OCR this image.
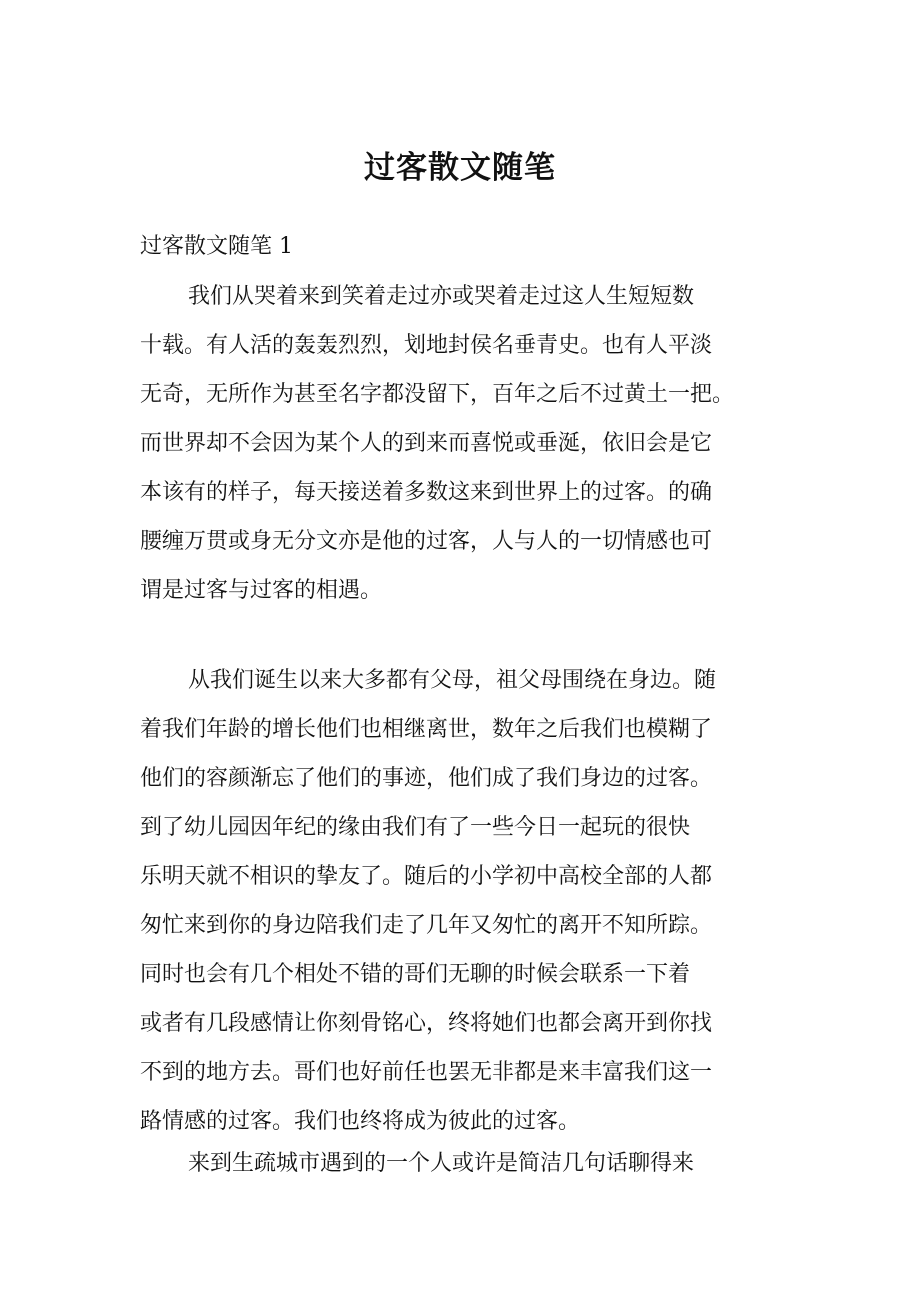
过客散文随笔

过客散文随笔 1

我们从哭着来到笑着走过亦或哭着走过这人生短短数
十载。有人活的轰轰烈烈，划地封侯名垂青史。也有人平淡
无奇，无所作为甚至名字都没留下，百年之后不过黄土一把。
而世界却不会因为某个人的到来而喜悦或垂涎，依旧会是它
本该有的样子，每天接送着多数这来到世界上的过客。的确
腰缠万贯或身无分文亦是他的过客，人与人的一切情感也可
谓是过客与过客的相遇。
从我们诞生以来大多都有父母，祖父母围绕在身边。随
着我们年龄的增长他们也相继离世，数年之后我们也模糊了
他们的容颜渐忘了他们的事迹，他们成了我们身边的过客。
到了幼儿园因年纪的缘由我们有了一些今日一起玩的很快
乐明天就不相识的挚友了。随后的小学初中高校全部的人都
匆忙来到你的身边陪我们走了几年又匆忙的离开不知所踪。
同时也会有几个相处不错的哥们无聊的时候会联系一下着
或者有几段感情让你刻骨铭心，终将她们也都会离开到你找
不到的地方去。哥们也好前任也罢无非都是来丰富我们这一
路情感的过客。我们也终将成为彼此的过客。
来到生疏城市遇到的一个人或许是简洁几句话聊得来
